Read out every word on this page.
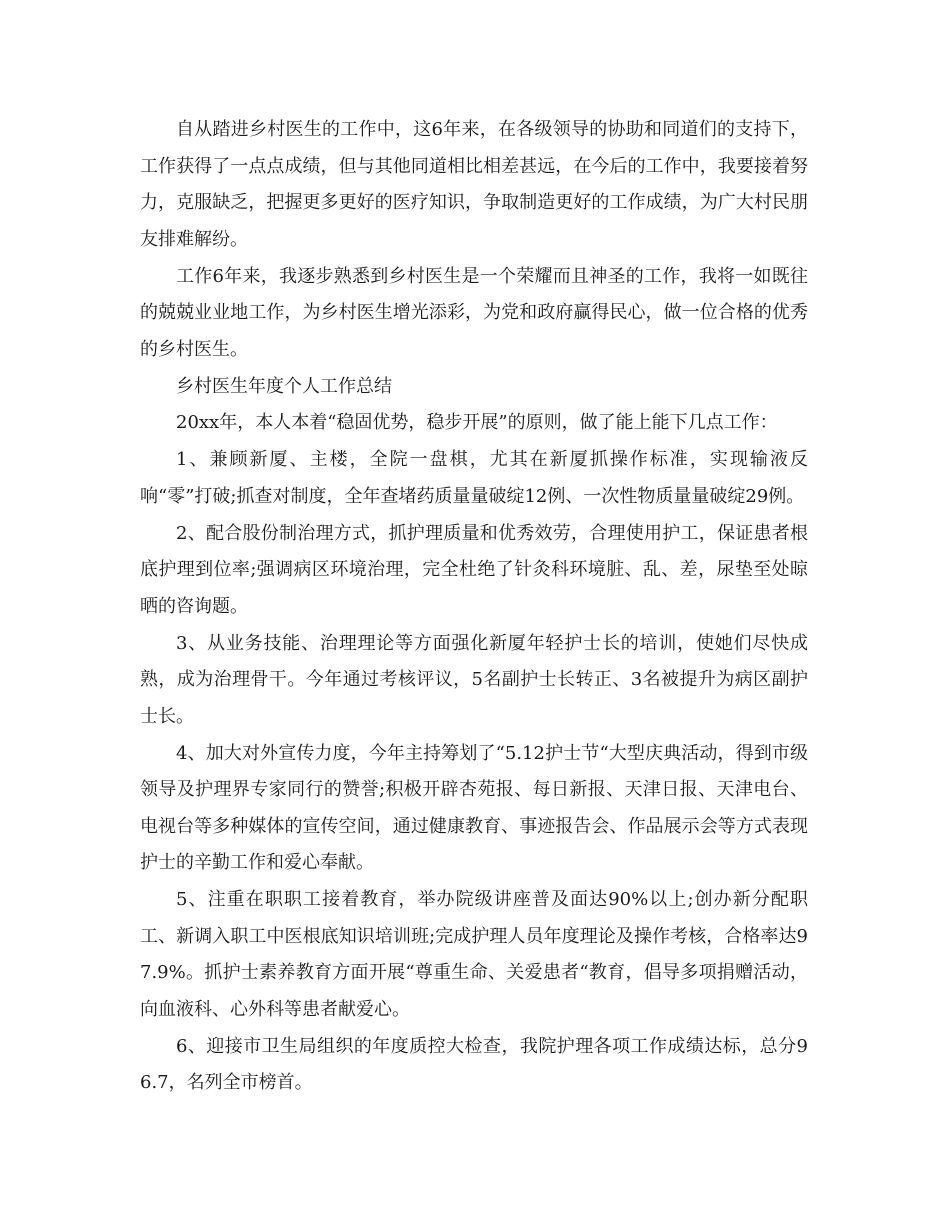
自从踏进乡村医生的工作中，这6年来，在各级领导的协助和同道们的支持下，工作获得了一点点成绩，但与其他同道相比相差甚远，在今后的工作中，我要接着努力，克服缺乏，把握更多更好的医疗知识，争取制造更好的工作成绩，为广大村民朋友排难解纷。

工作6年来，我逐步熟悉到乡村医生是一个荣耀而且神圣的工作，我将一如既往的兢兢业业地工作，为乡村医生增光添彩，为党和政府赢得民心，做一位合格的优秀的乡村医生。

乡村医生年度个人工作总结

20xx年，本人本着“稳固优势，稳步开展”的原则，做了能上能下几点工作：

1、兼顾新厦、主楼，全院一盘棋，尤其在新厦抓操作标准，实现输液反响“零”打破;抓查对制度，全年查堵药质量量破绽12例、一次性物质量量破绽29例。

2、配合股份制治理方式，抓护理质量和优秀效劳，合理使用护工，保证患者根底护理到位率;强调病区环境治理，完全杜绝了针灸科环境脏、乱、差，尿垫至处晾晒的咨询题。

3、从业务技能、治理理论等方面强化新厦年轻护士长的培训，使她们尽快成熟，成为治理骨干。今年通过考核评议，5名副护士长转正、3名被提升为病区副护士长。

4、加大对外宣传力度，今年主持筹划了“5.12护士节“大型庆典活动，得到市级领导及护理界专家同行的赞誉;积极开辟杏苑报、每日新报、天津日报、天津电台、电视台等多种媒体的宣传空间，通过健康教育、事迹报告会、作品展示会等方式表现护士的辛勤工作和爱心奉献。

5、注重在职职工接着教育，举办院级讲座普及面达90%以上;创办新分配职工、新调入职工中医根底知识培训班;完成护理人员年度理论及操作考核，合格率达97.9%。抓护士素养教育方面开展“尊重生命、关爱患者“教育，倡导多项捐赠活动，向血液科、心外科等患者献爱心。

6、迎接市卫生局组织的年度质控大检查，我院护理各项工作成绩达标，总分96.7，名列全市榜首。
